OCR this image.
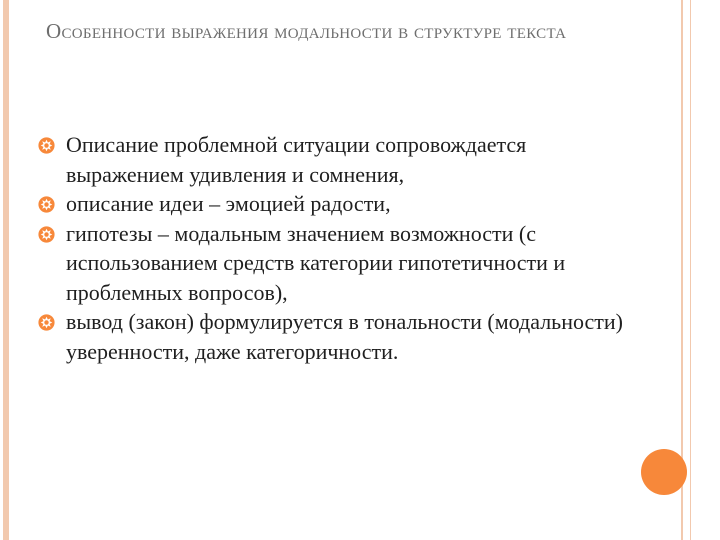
Особенности выражения модальности в структуре текста
Описание проблемной ситуации сопровождается выражением удивления и сомнения,
описание идеи – эмоцией радости,
гипотезы – модальным значением возможности (с использованием средств категории гипотетичности и проблемных вопросов),
вывод (закон) формулируется в тональности (модальности) уверенности, даже категоричности.
